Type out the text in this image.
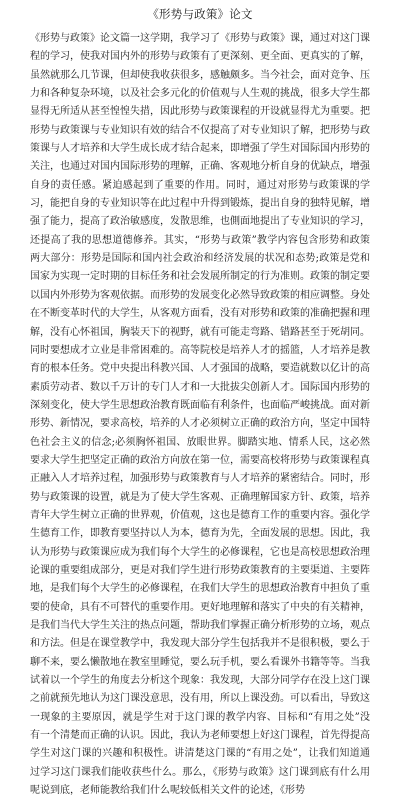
《形势与政策》论文

《形势与政策》论文篇一这学期，我学习了《形势与政策》课，通过对这门课程的学习，使我对国内外的形势与政策有了更深刻、更全面、更真实的了解，虽然就那么几节课，但却使我收获很多，感触颇多。当今社会，面对竞争、压力和各种复杂环境，以及社会多元化的价值观与人生观的挑战，很多大学生都显得无所适从甚至惶惶失措，因此形势与政策课程的开设就显得尤为重要。把形势与政策课与专业知识有效的结合不仅提高了对专业知识了解，把形势与政策课与人才培养和大学生成长成才结合起来，即增强了学生对国际国内形势的关注，也通过对国内国际形势的理解，正确、客观地分析自身的优缺点，增强自身的责任感。紧迫感起到了重要的作用。同时，通过对形势与政策课的学习，能把自身的专业知识等在此过程中升得到锻炼，提出自身的独特见解，增强了能力，提高了政治敏感度，发散思维，也側面地提出了专业知识的学习，还提高了我的思想道德修养。其实，“形势与政策”教学内容包含形势和政策两大部分：形势是国际和国内社会政治和经济发展的状况和态势;政策是党和国家为实现一定时期的目标任务和社会发展所制定的行为准则。政策的制定要以国内外形势为客观依据。而形势的发展变化必然导致政策的相应调整。身处在不断变革时代的大学生，从客观方面看，没有对形势和政策的准确把握和理解，没有心怀祖国，胸装天下的视野，就有可能走弯路、错路甚至于死胡同。同时要想成才立业是非常困难的。高等院校是培养人才的摇篮，人才培养是教育的根本任务。党中央提出科教兴国、人才强国的战略，要造就数以亿计的高素质劳动者、数以千万计的专门人才和一大批拔尖创新人才。国际国内形势的深刻变化，使大学生思想政治教育既面临有利条件，也面临严峻挑战。面对新形势、新情况，要求高校，培养的人才必须树立正确的政治方向，坚定中国特色社会主义的信念;必须胸怀祖国、放眼世界。脚踏实地、情系人民，这必然要求大学生把坚定正确的政治方向放在第一位，需要高校将形势与政策课程真正融入人才培养过程，加强形势与政策教育与人才培养的紧密结合。同时，形势与政策课的设置，就是为了使大学生客观、正确理解国家方针、政策，培养青年大学生树立正确的世界观，价值观，这也是德育工作的重要内容。强化学生德育工作，即教育要坚持以人为本，德育为先，全面发展的思想。因此，我认为形势与政策课应成为我们每个大学生的必修课程，它也是高校思想政治理论课的重要组成部分，更是对我们学生进行形势政策教育的主要渠道、主要阵地，是我们每个大学生的必修课程，在我们大学生的思想政治教育中担负了重要的使命，具有不可替代的重要作用。更好地理解和落实了中央的有关精神，是我们当代大学生关注的热点问题，帮助我们掌握正确分析形势的立场，观点和方法。但是在课堂教学中，我发现大部分学生包括我并不是很积极，要么于聊不来，要么懒散地在教室里睡觉，要么玩手机，要么看课外书籍等等。当我试着以一个学生的角度去分析这个现象：我发现，大部分同学存在没上这门课之前就预先地认为这门课没意思，没有用，所以上课没劲。可以看出，导致这一现象的主要原因，就是学生对于这门课的教学内容、目标和“有用之处”没有一个清楚而正确的认识。因此，我认为老师要想上好这门课程，首先得提高学生对这门课的兴趣和积极性。讲清楚这门课的“有用之处”，让我们知道通过学习这门课我们能收获些什么。那么，《形势与政策》这门课到底有什么用呢说到底，老师能教给我们什么呢较低相关文件的论述，《形势
